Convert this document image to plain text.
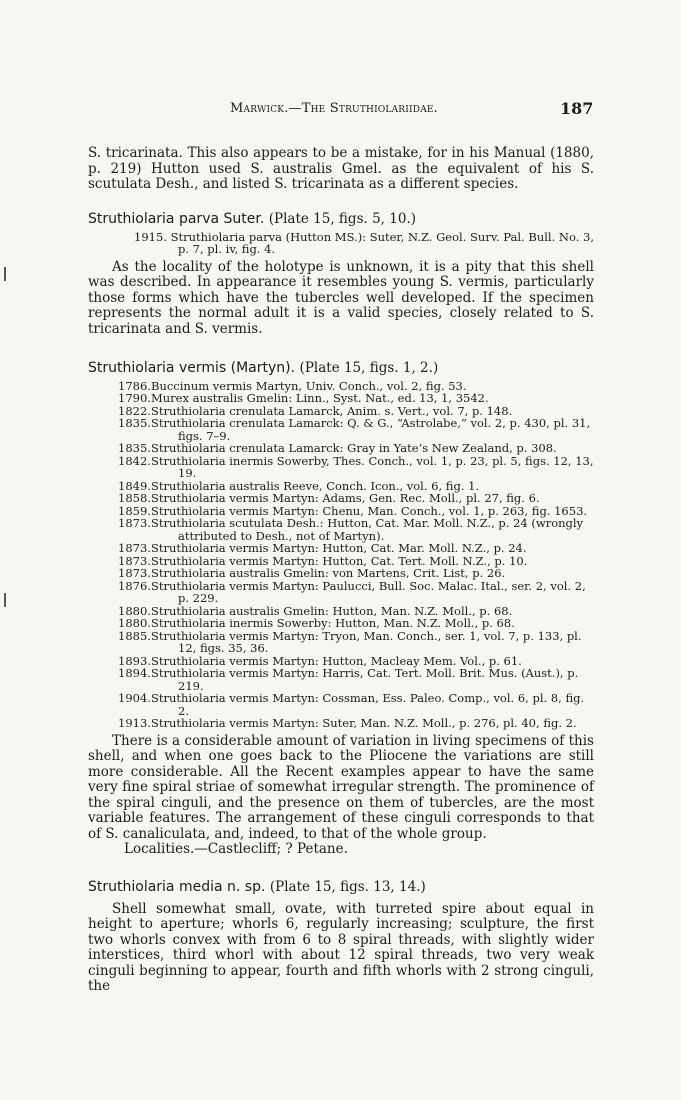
Marwick.—The Struthiolariidae.	187

S. tricarinata. This also appears to be a mistake, for in his Manual (1880, p. 219) Hutton used S. australis Gmel. as the equivalent of his S. scutulata Desh., and listed S. tricarinata as a different species.

Struthiolaria parva Suter. (Plate 15, figs. 5, 10.)

1915. Struthiolaria parva (Hutton MS.): Suter, N.Z. Geol. Surv. Pal. Bull. No. 3, p. 7, pl. iv, fig. 4.

As the locality of the holotype is unknown, it is a pity that this shell was described. In appearance it resembles young S. vermis, particularly those forms which have the tubercles well developed. If the specimen represents the normal adult it is a valid species, closely related to S. tricarinata and S. vermis.

Struthiolaria vermis (Martyn). (Plate 15, figs. 1, 2.)

1786.Buccinum vermis Martyn, Univ. Conch., vol. 2, fig. 53.

1790.Murex australis Gmelin: Linn., Syst. Nat., ed. 13, 1, 3542.

1822.Struthiolaria crenulata Lamarck, Anim. s. Vert., vol. 7, p. 148.

1835.Struthiolaria crenulata Lamarck: Q. & G., “Astrolabe,” vol. 2, p. 430, pl. 31, figs. 7–9.

1835.Struthiolaria crenulata Lamarck: Gray in Yate’s New Zealand, p. 308.

1842.Struthiolaria inermis Sowerby, Thes. Conch., vol. 1, p. 23, pl. 5, figs. 12, 13, 19.

1849.Struthiolaria australis Reeve, Conch. Icon., vol. 6, fig. 1.

1858.Struthiolaria vermis Martyn: Adams, Gen. Rec. Moll., pl. 27, fig. 6.

1859.Struthiolaria vermis Martyn: Chenu, Man. Conch., vol. 1, p. 263, fig. 1653.

1873.Struthiolaria scutulata Desh.: Hutton, Cat. Mar. Moll. N.Z., p. 24 (wrongly attributed to Desh., not of Martyn).

1873.Struthiolaria vermis Martyn: Hutton, Cat. Mar. Moll. N.Z., p. 24.

1873.Struthiolaria vermis Martyn: Hutton, Cat. Tert. Moll. N.Z., p. 10.

1873.Struthiolaria australis Gmelin: von Martens, Crit. List, p. 26.

1876.Struthiolaria vermis Martyn: Paulucci, Bull. Soc. Malac. Ital., ser. 2, vol. 2, p. 229.

1880.Struthiolaria australis Gmelin: Hutton, Man. N.Z. Moll., p. 68.

1880.Struthiolaria inermis Sowerby: Hutton, Man. N.Z. Moll., p. 68.

1885.Struthiolaria vermis Martyn: Tryon, Man. Conch., ser. 1, vol. 7, p. 133, pl. 12, figs. 35, 36.

1893.Struthiolaria vermis Martyn: Hutton, Macleay Mem. Vol., p. 61.

1894.Struthiolaria vermis Martyn: Harris, Cat. Tert. Moll. Brit. Mus. (Aust.), p. 219.

1904.Struthiolaria vermis Martyn: Cossman, Ess. Paleo. Comp., vol. 6, pl. 8, fig. 2.

1913.Struthiolaria vermis Martyn: Suter, Man. N.Z. Moll., p. 276, pl. 40, fig. 2.

There is a considerable amount of variation in living specimens of this shell, and when one goes back to the Pliocene the variations are still more considerable. All the Recent examples appear to have the same very fine spiral striae of somewhat irregular strength. The prominence of the spiral cinguli, and the presence on them of tubercles, are the most variable features. The arrangement of these cinguli corresponds to that of S. canaliculata, and, indeed, to that of the whole group.

Localities.—Castlecliff; ? Petane.

Struthiolaria media n. sp. (Plate 15, figs. 13, 14.)

Shell somewhat small, ovate, with turreted spire about equal in height to aperture; whorls 6, regularly increasing; sculpture, the first two whorls convex with from 6 to 8 spiral threads, with slightly wider interstices, third whorl with about 12 spiral threads, two very weak cinguli beginning to appear, fourth and fifth whorls with 2 strong cinguli, the
